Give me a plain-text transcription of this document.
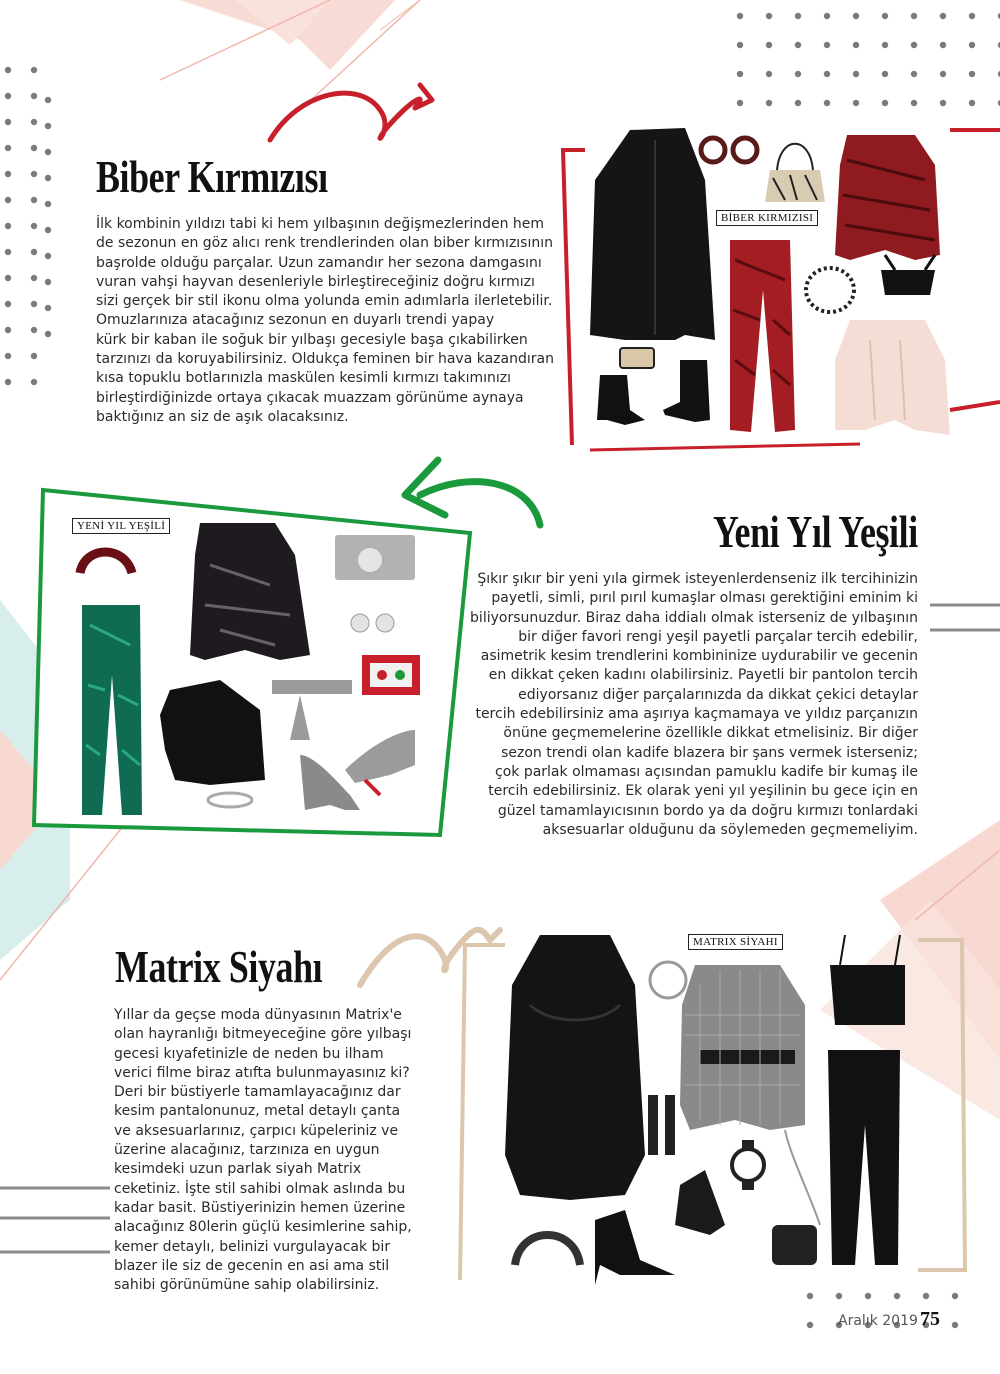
Biber Kırmızısı
İlk kombinin yıldızı tabi ki hem yılbaşının değişmezlerinden hem
de sezonun en göz alıcı renk trendlerinden olan biber kırmızısının
başrolde olduğu parçalar. Uzun zamandır her sezona damgasını
vuran vahşi hayvan desenleriyle birleştireceğiniz doğru kırmızı
sizi gerçek bir stil ikonu olma yolunda emin adımlarla ilerletebilir.
Omuzlarınıza atacağınız sezonun en duyarlı trendi yapay
kürk bir kaban ile soğuk bir yılbaşı gecesiyle başa çıkabilirken
tarzınızı da koruyabilirsiniz. Oldukça feminen bir hava kazandıran
kısa topuklu botlarınızla maskülen kesimli kırmızı takımınızı
birleştirdiğinizde ortaya çıkacak muazzam görünüme aynaya
baktığınız an siz de aşık olacaksınız.
BİBER KIRMIZISI
Yeni Yıl Yeşili
Şıkır şıkır bir yeni yıla girmek isteyenlerdenseniz ilk tercihinizin
payetli, simli, pırıl pırıl kumaşlar olması gerektiğini eminim ki
biliyorsunuzdur. Biraz daha iddialı olmak isterseniz de yılbaşının
bir diğer favori rengi yeşil payetli parçalar tercih edebilir,
asimetrik kesim trendlerini kombininize uydurabilir ve gecenin
en dikkat çeken kadını olabilirsiniz. Payetli bir pantolon tercih
ediyorsanız diğer parçalarınızda da dikkat çekici detaylar
tercih edebilirsiniz ama aşırıya kaçmamaya ve yıldız parçanızın
önüne geçmemelerine özellikle dikkat etmelisiniz. Bir diğer
sezon trendi olan kadife blazera bir şans vermek isterseniz;
çok parlak olmaması açısından pamuklu kadife bir kumaş ile
tercih edebilirsiniz. Ek olarak yeni yıl yeşilinin bu gece için en
güzel tamamlayıcısının bordo ya da doğru kırmızı tonlardaki
aksesuarlar olduğunu da söylemeden geçmemeliyim.
YENİ YIL YEŞİLİ
Matrix Siyahı
Yıllar da geçse moda dünyasının Matrix'e
olan hayranlığı bitmeyeceğine göre yılbaşı
gecesi kıyafetinizle de neden bu ilham
verici filme biraz atıfta bulunmayasınız ki?
Deri bir büstiyerle tamamlayacağınız dar
kesim pantalonunuz, metal detaylı çanta
ve aksesuarlarınız, çarpıcı küpeleriniz ve
üzerine alacağınız, tarzınıza en uygun
kesimdeki uzun parlak siyah Matrix
ceketiniz. İşte stil sahibi olmak aslında bu
kadar basit. Büstiyerinizin hemen üzerine
alacağınız 80lerin güçlü kesimlerine sahip,
kemer detaylı, belinizi vurgulayacak bir
blazer ile siz de gecenin en asi ama stil
sahibi görünümüne sahip olabilirsiniz.
MATRIX SİYAHI
Aralık 2019 75
